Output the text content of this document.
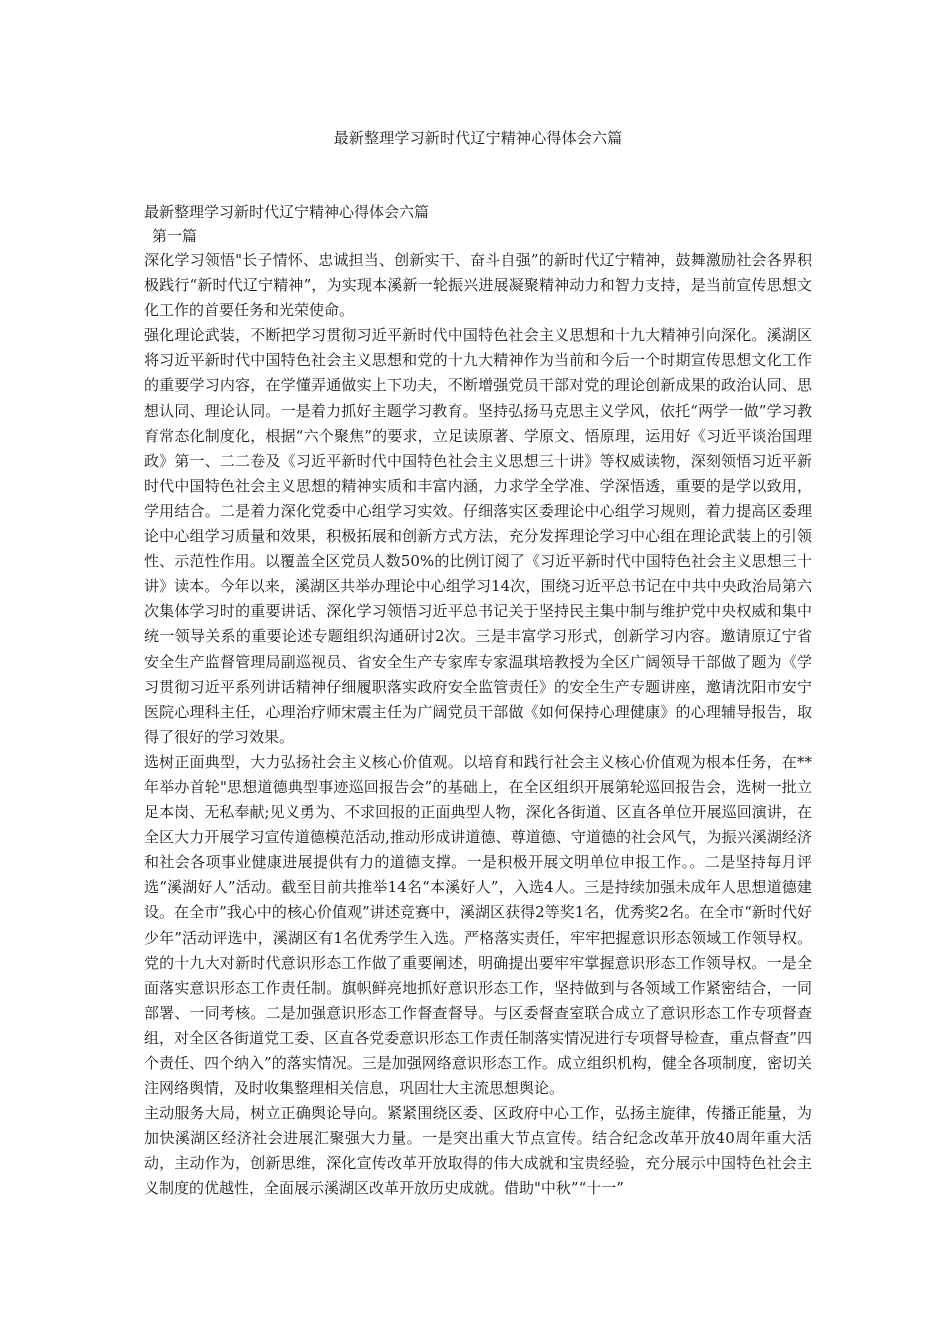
最新整理学习新时代辽宁精神心得体会六篇
最新整理学习新时代辽宁精神心得体会六篇
第一篇

深化学习领悟"长子情怀、忠诚担当、创新实干、奋斗自强”的新时代辽宁精神，鼓舞激励社会各界积极践行“新时代辽宁精神”，为实现本溪新一轮振兴进展凝聚精神动力和智力支持，是当前宣传思想文化工作的首要任务和光荣使命。

强化理论武装，不断把学习贯彻习近平新时代中国特色社会主义思想和十九大精神引向深化。溪湖区将习近平新时代中国特色社会主义思想和党的十九大精神作为当前和今后一个时期宣传思想文化工作的重要学习内容，在学懂弄通做实上下功夫，不断增强党员干部对党的理论创新成果的政治认同、思想认同、理论认同。一是着力抓好主题学习教育。坚持弘扬马克思主义学风，依托“两学一做”学习教育常态化制度化，根据“六个聚焦”的要求，立足读原著、学原文、悟原理，运用好《习近平谈治国理政》第一、二二卷及《习近平新时代中国特色社会主义思想三十讲》等权威读物，深刻领悟习近平新时代中国特色社会主义思想的精神实质和丰富内涵，力求学全学准、学深悟透，重要的是学以致用，学用结合。二是着力深化党委中心组学习实效。仔细落实区委理论中心组学习规则，着力提高区委理论中心组学习质量和效果，积极拓展和创新方式方法，充分发挥理论学习中心组在理论武装上的引领性、示范性作用。以覆盖全区党员人数50%的比例订阅了《习近平新时代中国特色社会主义思想三十讲》读本。今年以来，溪湖区共举办理论中心组学习14次，围绕习近平总书记在中共中央政治局第六次集体学习时的重要讲话、深化学习领悟习近平总书记关于坚持民主集中制与维护党中央权威和集中统一领导关系的重要论述专题组织沟通研讨2次。三是丰富学习形式，创新学习内容。邀请原辽宁省安全生产监督管理局副巡视员、省安全生产专家库专家温琪培教授为全区广阔领导干部做了题为《学习贯彻习近平系列讲话精神仔细履职落实政府安全监管责任》的安全生产专题讲座，邀请沈阳市安宁医院心理科主任，心理治疗师宋震主任为广阔党员干部做《如何保持心理健康》的心理辅导报告，取得了很好的学习效果。

选树正面典型，大力弘扬社会主义核心价值观。以培育和践行社会主义核心价值观为根本任务，在**年举办首轮"思想道德典型事迹巡回报告会”的基础上，在全区组织开展第轮巡回报告会，选树一批立足本岗、无私奉献;见义勇为、不求回报的正面典型人物，深化各街道、区直各单位开展巡回演讲，在全区大力开展学习宣传道德模范活动,推动形成讲道德、尊道德、守道德的社会风气，为振兴溪湖经济和社会各项事业健康进展提供有力的道德支撑。一是积极开展文明单位申报工作。。二是坚持每月评选“溪湖好人”活动。截至目前共推举14名“本溪好人”，入选4人。三是持续加强未成年人思想道德建设。在全市”我心中的核心价值观”讲述竞赛中，溪湖区获得2等奖1名，优秀奖2名。在全市“新时代好少年”活动评选中，溪湖区有1名优秀学生入选。严格落实责任，牢牢把握意识形态领域工作领导权。党的十九大对新时代意识形态工作做了重要阐述，明确提出要牢牢掌握意识形态工作领导权。一是全面落实意识形态工作责任制。旗帜鲜亮地抓好意识形态工作，坚持做到与各领域工作紧密结合，一同部署、一同考核。二是加强意识形态工作督查督导。与区委督查室联合成立了意识形态工作专项督查组，对全区各街道党工委、区直各党委意识形态工作责任制落实情况进行专项督导检查，重点督查”四个责任、四个纳入”的落实情况。三是加强网络意识形态工作。成立组织机构，健全各项制度，密切关注网络舆情，及时收集整理相关信息，巩固壮大主流思想舆论。

主动服务大局，树立正确舆论导向。紧紧围绕区委、区政府中心工作，弘扬主旋律，传播正能量，为加快溪湖区经济社会进展汇聚强大力量。一是突出重大节点宣传。结合纪念改革开放40周年重大活动，主动作为，创新思维，深化宣传改革开放取得的伟大成就和宝贵经验，充分展示中国特色社会主义制度的优越性，全面展示溪湖区改革开放历史成就。借助"中秋”“十一”
